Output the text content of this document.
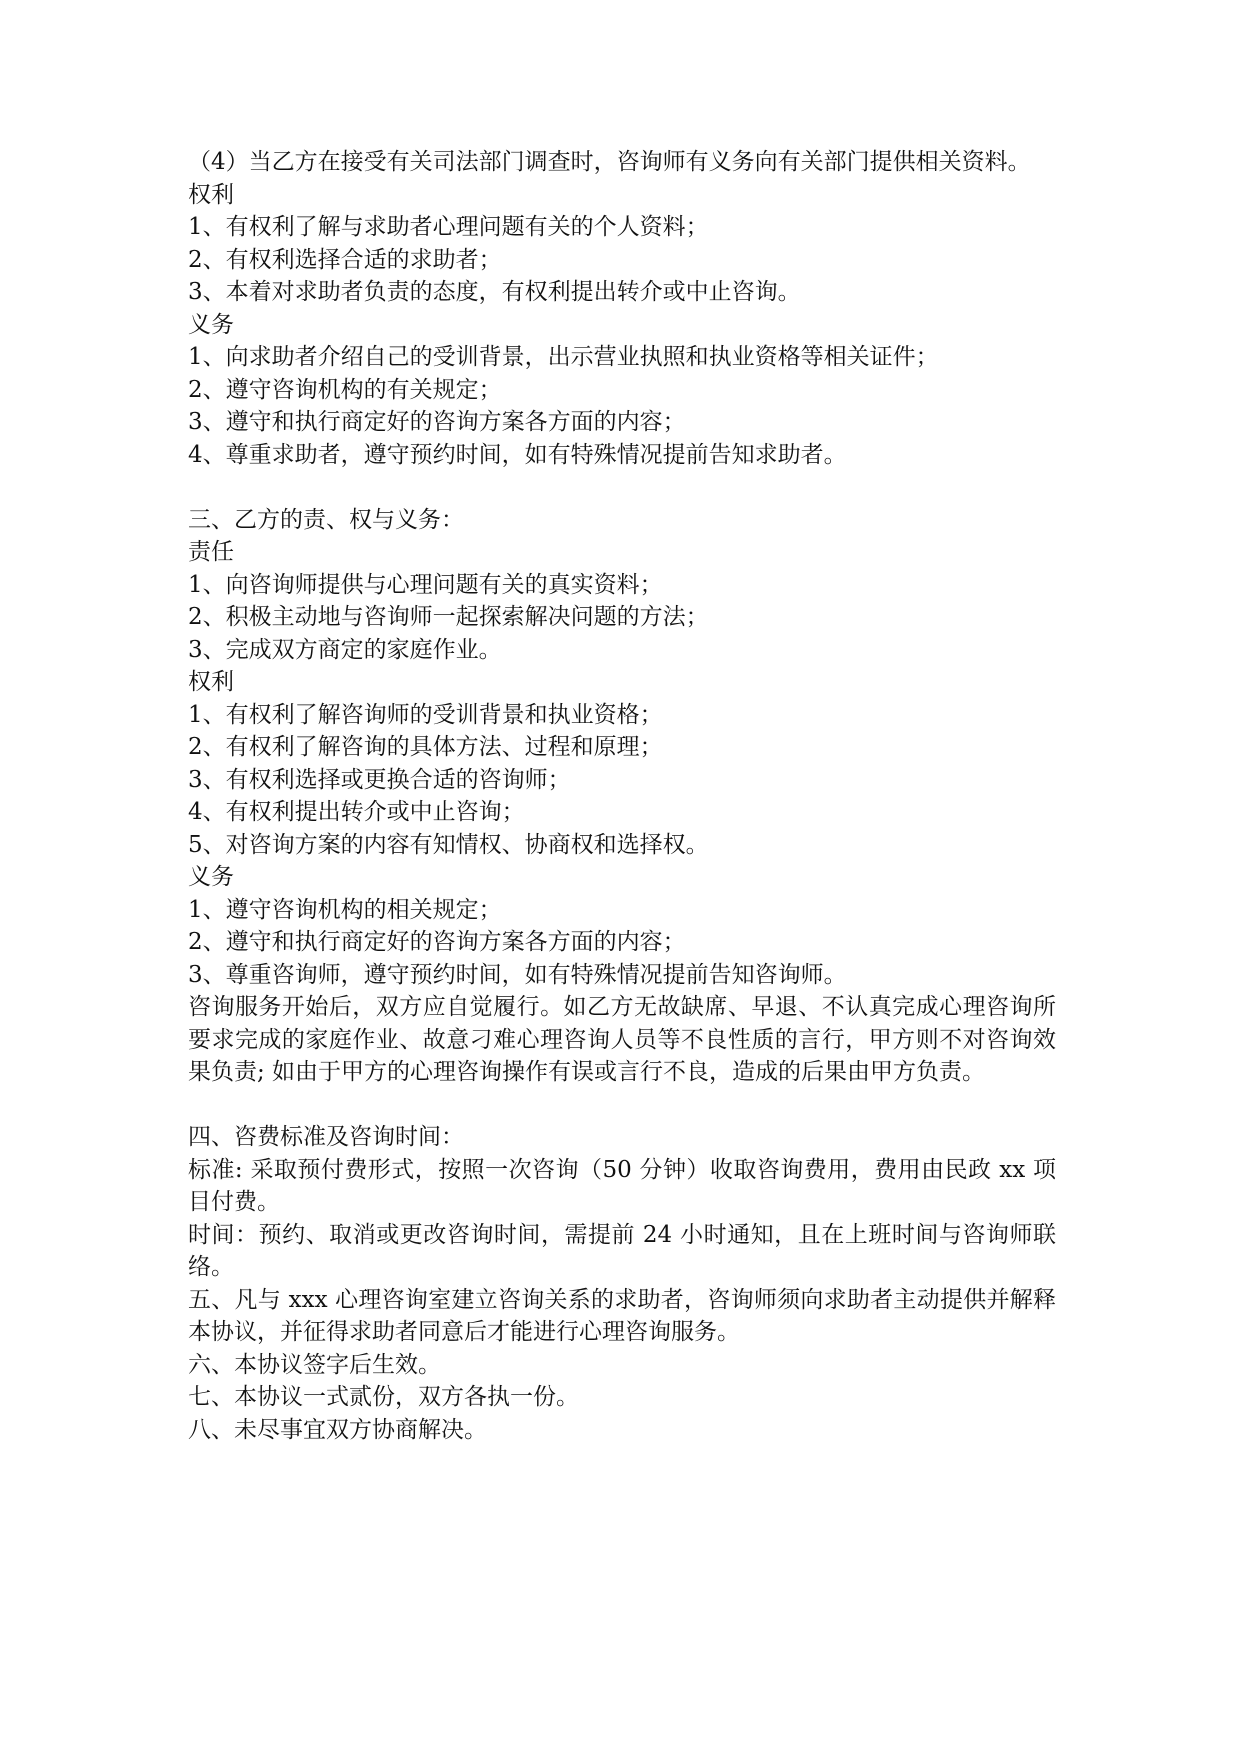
（4）当乙方在接受有关司法部门调查时，咨询师有义务向有关部门提供相关资料。
权利
1、有权利了解与求助者心理问题有关的个人资料；
2、有权利选择合适的求助者；
3、本着对求助者负责的态度，有权利提出转介或中止咨询。
义务
1、向求助者介绍自己的受训背景，出示营业执照和执业资格等相关证件；
2、遵守咨询机构的有关规定；
3、遵守和执行商定好的咨询方案各方面的内容；
4、尊重求助者，遵守预约时间，如有特殊情况提前告知求助者。
三、乙方的责、权与义务：
责任
1、向咨询师提供与心理问题有关的真实资料；
2、积极主动地与咨询师一起探索解决问题的方法；
3、完成双方商定的家庭作业。
权利
1、有权利了解咨询师的受训背景和执业资格；
2、有权利了解咨询的具体方法、过程和原理；
3、有权利选择或更换合适的咨询师；
4、有权利提出转介或中止咨询；
5、对咨询方案的内容有知情权、协商权和选择权。
义务
1、遵守咨询机构的相关规定；
2、遵守和执行商定好的咨询方案各方面的内容；
3、尊重咨询师，遵守预约时间，如有特殊情况提前告知咨询师。
咨询服务开始后，双方应自觉履行。如乙方无故缺席、早退、不认真完成心理咨询所要求完成的家庭作业、故意刁难心理咨询人员等不良性质的言行，甲方则不对咨询效果负责; 如由于甲方的心理咨询操作有误或言行不良，造成的后果由甲方负责。
四、咨费标准及咨询时间：
标准: 采取预付费形式，按照一次咨询（50 分钟）收取咨询费用，费用由民政 xx 项目付费。
时间：预约、取消或更改咨询时间，需提前 24 小时通知，且在上班时间与咨询师联络。
五、凡与 xxx 心理咨询室建立咨询关系的求助者，咨询师须向求助者主动提供并解释本协议，并征得求助者同意后才能进行心理咨询服务。
六、本协议签字后生效。
七、本协议一式贰份，双方各执一份。
八、未尽事宜双方协商解决。
